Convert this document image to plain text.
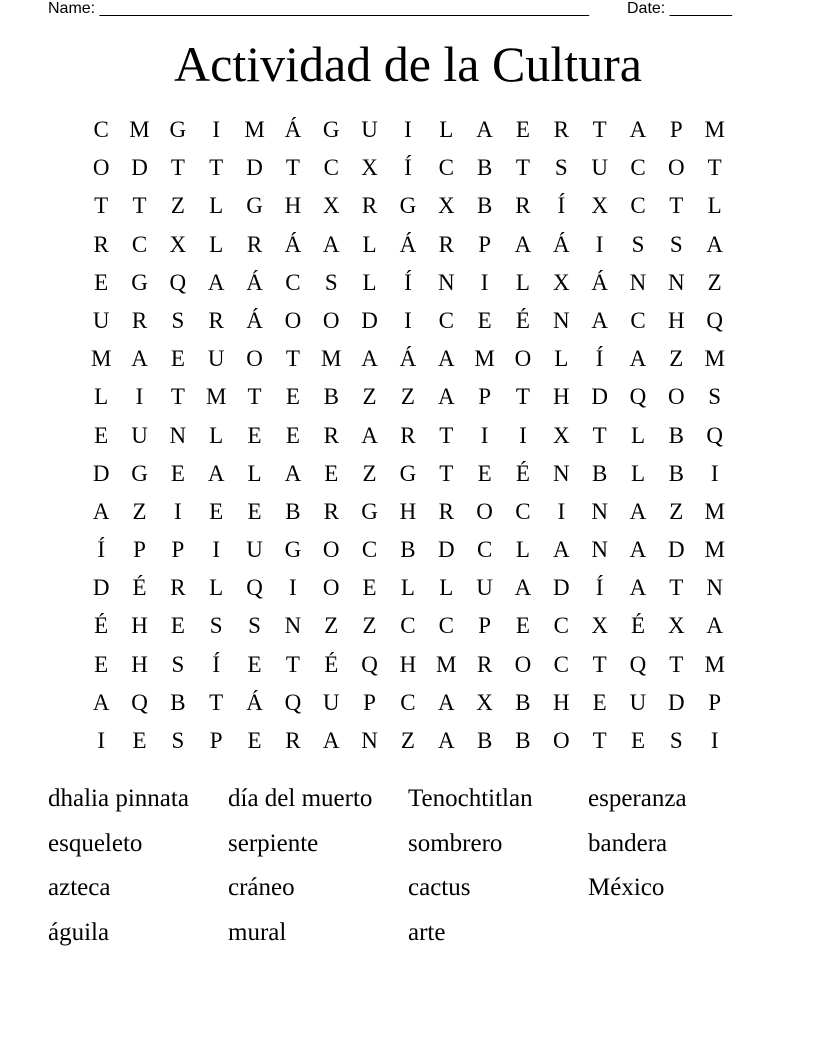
Name: _______________________________________________________ Date: _______
Actividad de la Cultura
C M G	I	M Á G U	I	L	A	E	R	T	A	P M
O D	T	T	D	T	C X	Í	C	B	T	S	U C O	T
T	T	Z	L	G H X R G X B	R	Í	X C	T	L
R	C X	L	R Á A	L	Á R	P	A Á	I	S	S	A
E	G Q A Á C	S	L	Í	N	I	L	X Á N N	Z
U R	S	R Á O O D	I	C	E	É	N A C H Q
M A	E	U O	T M A Á A M O	L	Í	A	Z M
L	I	T M T	E	B	Z	Z	A	P	T	H D Q O	S
E	U N	L	E	E	R A R	T	I	I	X	T	L	B Q
D G	E	A	L	A	E	Z	G	T	E	É	N B	L	B	I
A	Z	I	E	E	B	R G H R O C	I	N A	Z M
Í	P	P	I	U G O C	B D C	L	A N A D M
D	É	R	L	Q	I	O	E	L	L	U A D	Í	A	T	N
É	H	E	S	S	N	Z	Z	C	C	P	E	C X	É	X A
E	H	S	Í	E	T	É	Q H M R O C	T	Q	T M
A Q B	T	Á Q U	P	C A X B H	E	U D	P
I	E	S	P	E	R A N	Z	A B	B O	T	E	S	I
dhalia pinnata	día del muerto	Tenochtitlan	esperanza
esqueleto	serpiente	sombrero	bandera
azteca	cráneo	cactus	México
águila	mural	arte
